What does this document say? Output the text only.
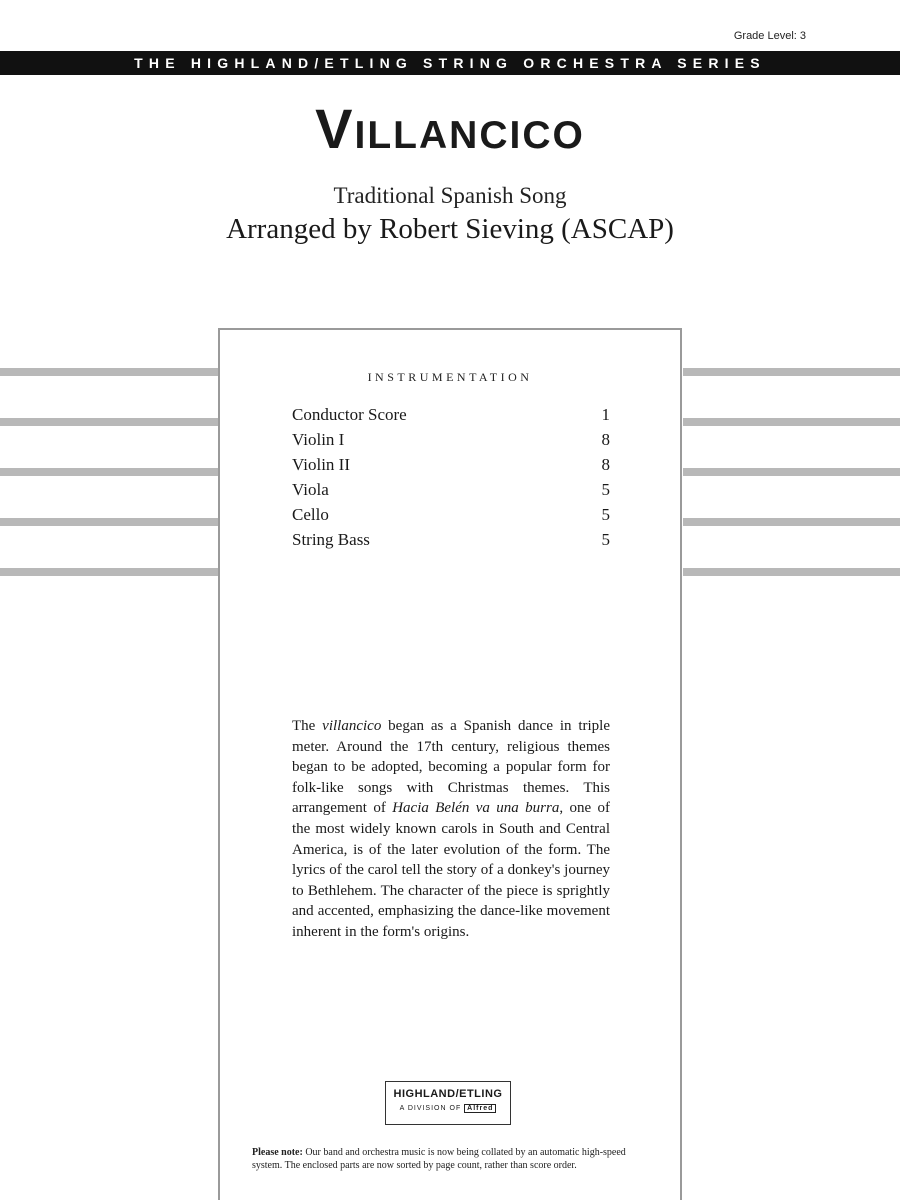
Grade Level: 3
THE HIGHLAND/ETLING STRING ORCHESTRA SERIES
Villancico
Traditional Spanish Song
Arranged by Robert Sieving (ASCAP)
INSTRUMENTATION
Conductor Score	1
Violin I	8
Violin II	8
Viola	5
Cello	5
String Bass	5

The villancico began as a Spanish dance in triple meter. Around the 17th century, religious themes began to be adopted, becoming a popular form for folk-like songs with Christmas themes. This arrangement of Hacia Belén va una burra, one of the most widely known carols in South and Central America, is of the later evolution of the form. The lyrics of the carol tell the story of a donkey's journey to Bethlehem. The character of the piece is sprightly and accented, emphasizing the dance-like movement inherent in the form's origins.

HIGHLAND/ETLING
A DIVISION OF Alfred
Please note: Our band and orchestra music is now being collated by an automatic high-speed system. The enclosed parts are now sorted by page count, rather than score order.
